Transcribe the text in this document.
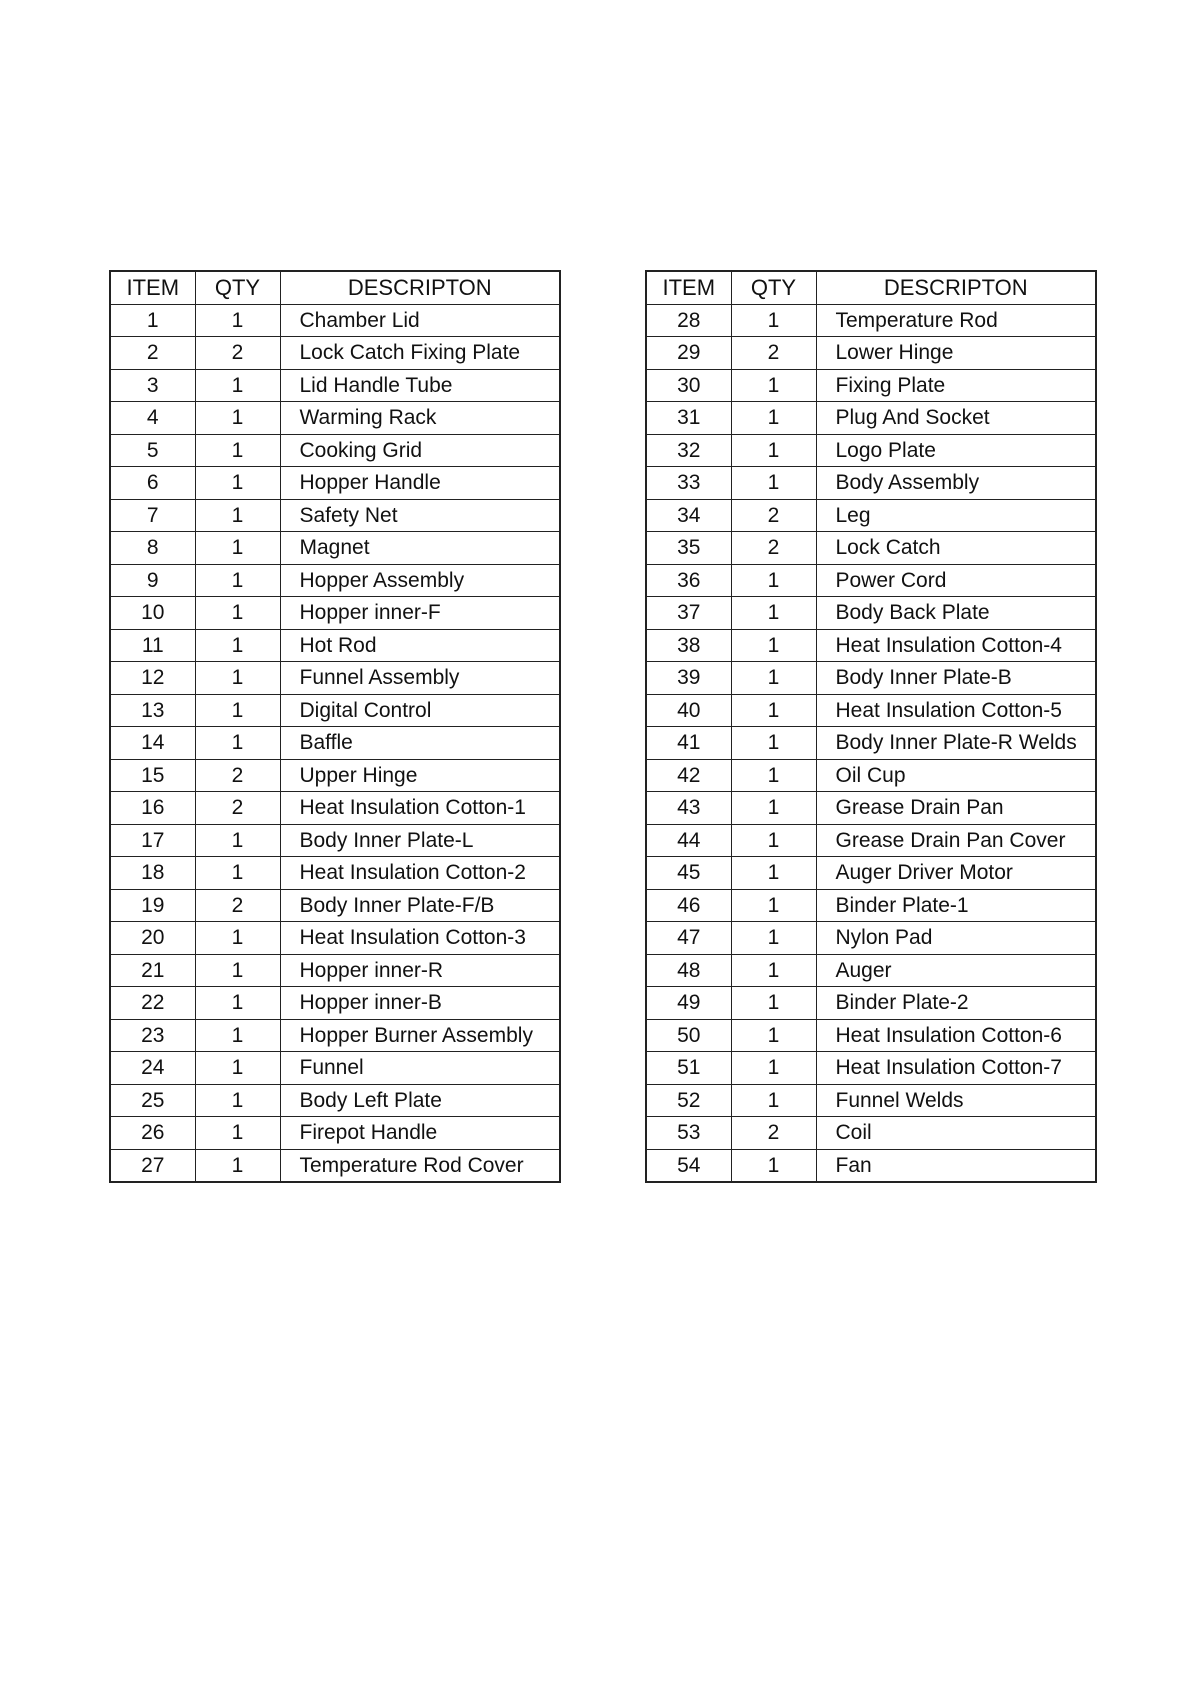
ITEM	QTY	DESCRIPTON
1	1	Chamber Lid
2	2	Lock Catch Fixing Plate
3	1	Lid Handle Tube
4	1	Warming Rack
5	1	Cooking Grid
6	1	Hopper Handle
7	1	Safety Net
8	1	Magnet
9	1	Hopper Assembly
10	1	Hopper inner-F
11	1	Hot Rod
12	1	Funnel Assembly
13	1	Digital Control
14	1	Baffle
15	2	Upper Hinge
16	2	Heat Insulation Cotton-1
17	1	Body Inner Plate-L
18	1	Heat Insulation Cotton-2
19	2	Body Inner Plate-F/B
20	1	Heat Insulation Cotton-3
21	1	Hopper inner-R
22	1	Hopper inner-B
23	1	Hopper Burner Assembly
24	1	Funnel
25	1	Body Left Plate
26	1	Firepot Handle
27	1	Temperature Rod Cover
ITEM	QTY	DESCRIPTON
28	1	Temperature Rod
29	2	Lower Hinge
30	1	Fixing Plate
31	1	Plug And Socket
32	1	Logo Plate
33	1	Body Assembly
34	2	Leg
35	2	Lock Catch
36	1	Power Cord
37	1	Body Back Plate
38	1	Heat Insulation Cotton-4
39	1	Body Inner Plate-B
40	1	Heat Insulation Cotton-5
41	1	Body Inner Plate-R Welds
42	1	Oil Cup
43	1	Grease Drain Pan
44	1	Grease Drain Pan Cover
45	1	Auger Driver Motor
46	1	Binder Plate-1
47	1	Nylon Pad
48	1	Auger
49	1	Binder Plate-2
50	1	Heat Insulation Cotton-6
51	1	Heat Insulation Cotton-7
52	1	Funnel Welds
53	2	Coil
54	1	Fan
